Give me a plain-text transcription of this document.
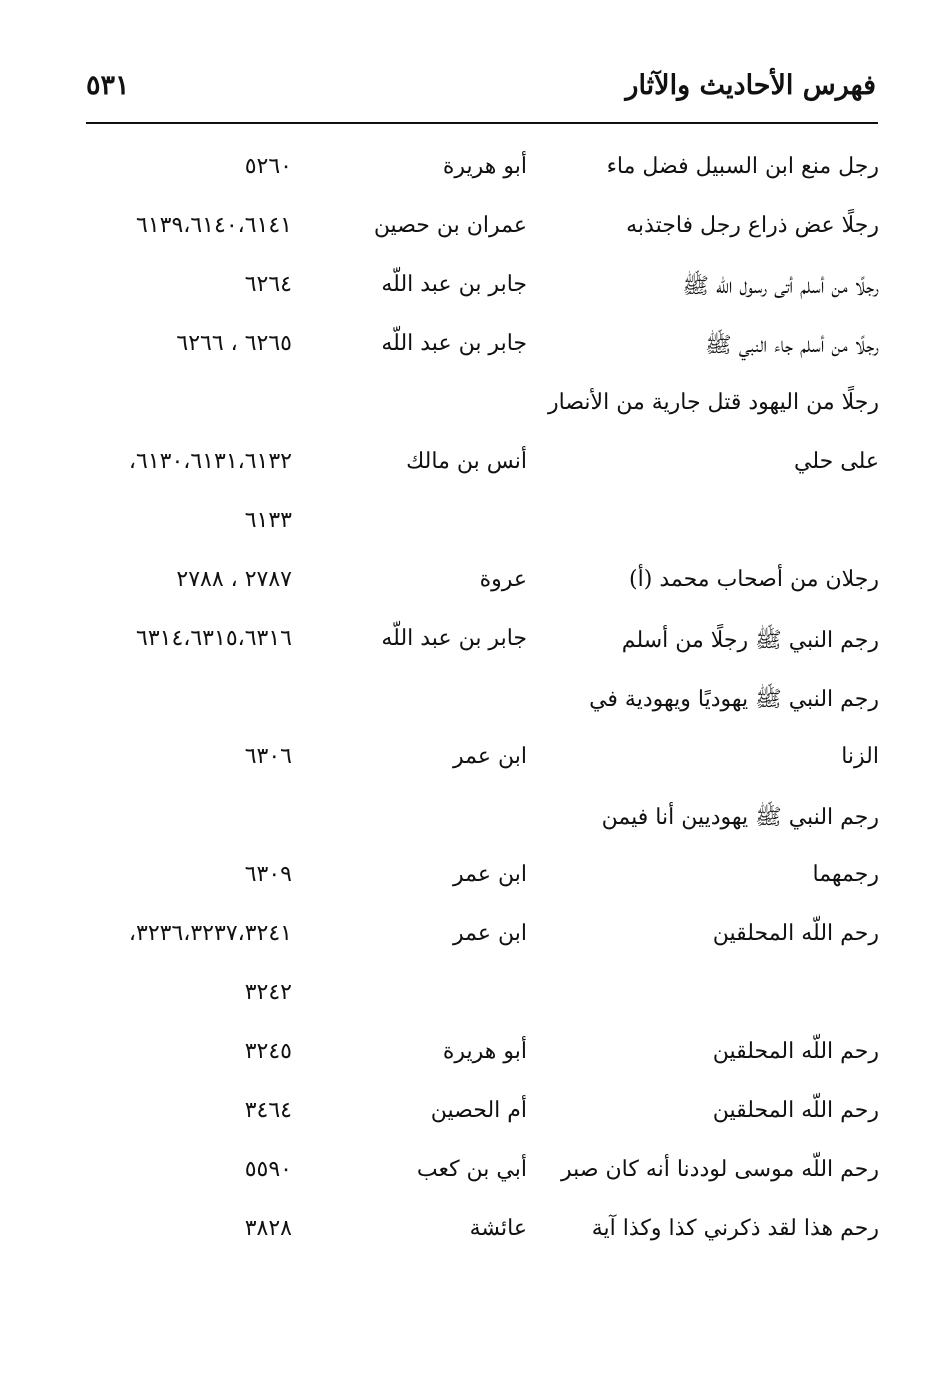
فهرس الأحاديث والآثار
٥٣١
رجل منع ابن السبيل فضل ماء
أبو هريرة
٥٢٦٠
رجلًا عض ذراع رجل فاجتذبه
عمران بن حصين
٦١٣٩،٦١٤٠،٦١٤١
رجلًا من أسلم أتى رسول اللّه ﷺ
جابر بن عبد اللّه
٦٢٦٤
رجلًا من أسلم جاء النبي ﷺ
جابر بن عبد اللّه
٦٢٦٥ ، ٦٢٦٦
رجلًا من اليهود قتل جارية من الأنصار
على حلي
أنس بن مالك
٦١٣٠،٦١٣١،٦١٣٢،
٦١٣٣
رجلان من أصحاب محمد (أ)
عروة
٢٧٨٧ ، ٢٧٨٨
رجم النبي ﷺ رجلًا من أسلم
جابر بن عبد اللّه
٦٣١٤،٦٣١٥،٦٣١٦
رجم النبي ﷺ يهوديًا ويهودية في
الزنا
ابن عمر
٦٣٠٦
رجم النبي ﷺ يهوديين أنا فيمن
رجمهما
ابن عمر
٦٣٠٩
رحم اللّه المحلقين
ابن عمر
٣٢٣٦،٣٢٣٧،٣٢٤١،
٣٢٤٢
رحم اللّه المحلقين
أبو هريرة
٣٢٤٥
رحم اللّه المحلقين
أم الحصين
٣٤٦٤
رحم اللّه موسى لوددنا أنه كان صبر
أبي بن كعب
٥٥٩٠
رحم هذا لقد ذكرني كذا وكذا آية
عائشة
٣٨٢٨
